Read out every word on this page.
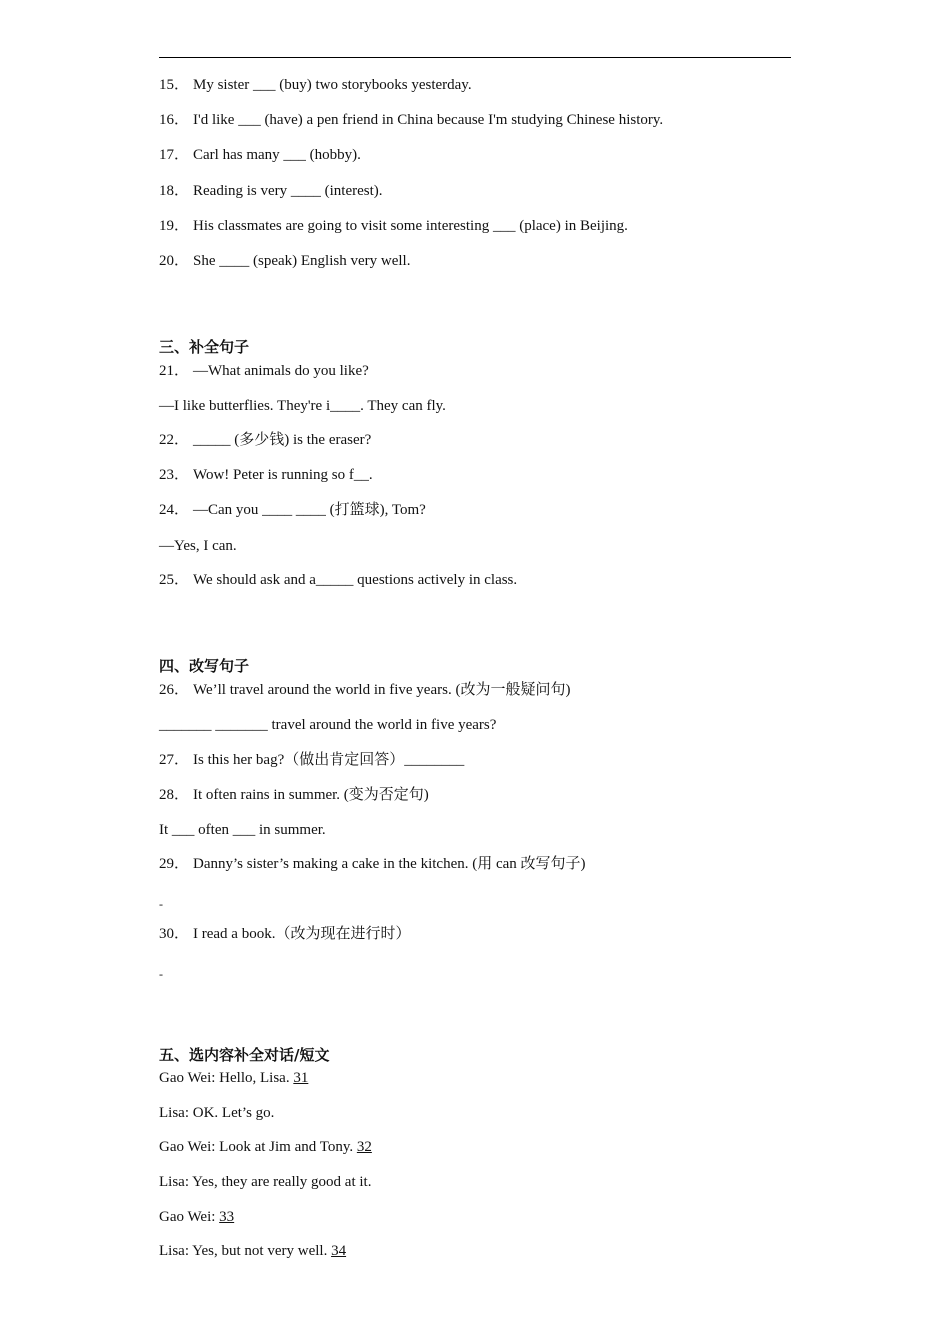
15． My sister ___ (buy) two storybooks yesterday.
16． I'd like ___ (have) a pen friend in China because I'm studying Chinese history.
17． Carl has many ___ (hobby).
18． Reading is very ____ (interest).
19． His classmates are going to visit some interesting ___ (place) in Beijing.
20． She ____ (speak) English very well.
三、补全句子
21． —What animals do you like?
—I like butterflies. They're i____. They can fly.
22． _____ (多少钱) is the eraser?
23． Wow! Peter is running so f__.
24． —Can you ____ ____ (打篮球), Tom?
—Yes, I can.
25． We should ask and a_____ questions actively in class.
四、改写句子
26． We’ll travel around the world in five years. (改为一般疑问句)
_______ _______ travel around the world in five years?
27． Is this her bag?（做出肯定回答）________
28． It often rains in summer. (变为否定句)
It ___ often ___ in summer.
29． Danny’s sister’s making a cake in the kitchen. (用 can 改写句子)
-
30． I read a book.（改为现在进行时）
-
五、选内容补全对话/短文
Gao Wei: Hello, Lisa. 31
Lisa: OK. Let’s go.
Gao Wei: Look at Jim and Tony. 32
Lisa: Yes, they are really good at it.
Gao Wei: 33
Lisa: Yes, but not very well. 34
